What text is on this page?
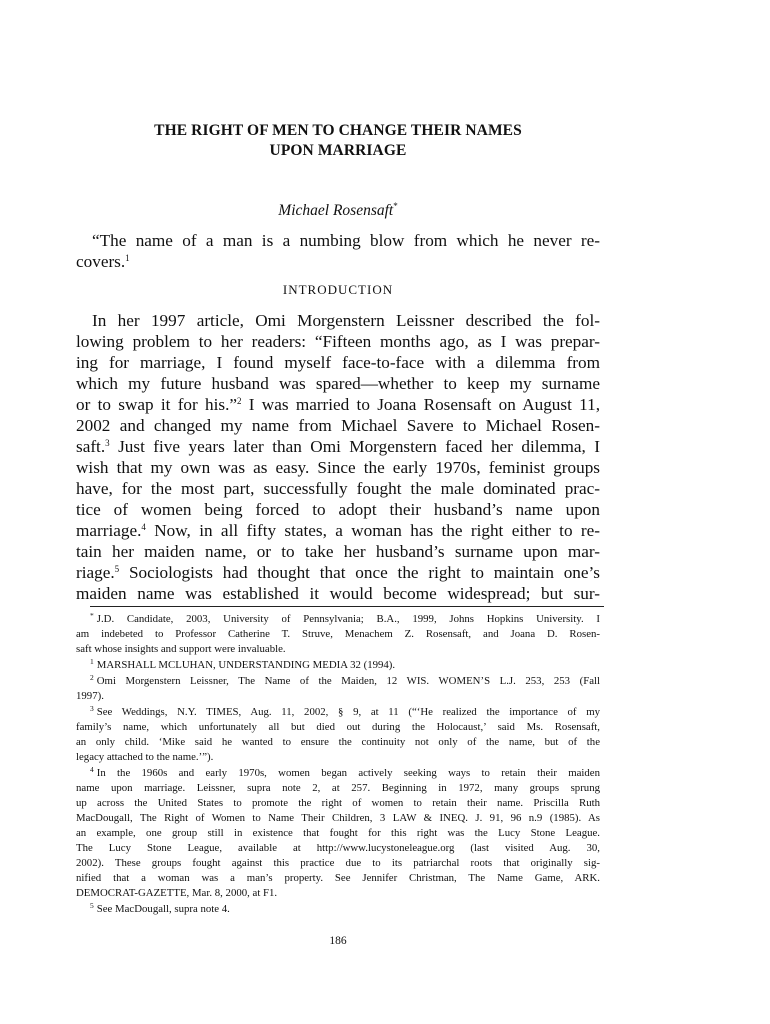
THE RIGHT OF MEN TO CHANGE THEIR NAMES
UPON MARRIAGE
Michael Rosensaft*
“The name of a man is a numbing blow from which he never re-
covers.$^1$
INTRODUCTION
In her 1997 article, Omi Morgenstern Leissner described the fol-
lowing problem to her readers: “Fifteen months ago, as I was prepar-
ing for marriage, I found myself face-to-face with a dilemma from
which my future husband was spared—whether to keep my surname
or to swap it for his.”$^2$ I was married to Joana Rosensaft on August 11,
2002 and changed my name from Michael Savere to Michael Rosen-
saft.$^3$ Just five years later than Omi Morgenstern faced her dilemma, I
wish that my own was as easy. Since the early 1970s, feminist groups
have, for the most part, successfully fought the male dominated prac-
tice of women being forced to adopt their husband’s name upon
marriage.$^4$ Now, in all fifty states, a woman has the right either to re-
tain her maiden name, or to take her husband’s surname upon mar-
riage.$^5$ Sociologists had thought that once the right to maintain one’s
maiden name was established it would become widespread; but sur-
* J.D. Candidate, 2003, University of Pennsylvania; B.A., 1999, Johns Hopkins University. I
am indebeted to Professor Catherine T. Struve, Menachem Z. Rosensaft, and Joana D. Rosen-
saft whose insights and support were invaluable.
$^1$ MARSHALL MCLUHAN, UNDERSTANDING MEDIA 32 (1994).
$^2$ Omi Morgenstern Leissner, The Name of the Maiden, 12 WIS. WOMEN’S L.J. 253, 253 (Fall
1997).
$^3$ See Weddings, N.Y. TIMES, Aug. 11, 2002, § 9, at 11 (“‘He realized the importance of my
family’s name, which unfortunately all but died out during the Holocaust,’ said Ms. Rosensaft,
an only child. ‘Mike said he wanted to ensure the continuity not only of the name, but of the
legacy attached to the name.’”).
$^4$ In the 1960s and early 1970s, women began actively seeking ways to retain their maiden
name upon marriage. Leissner, supra note 2, at 257. Beginning in 1972, many groups sprung
up across the United States to promote the right of women to retain their name. Priscilla Ruth
MacDougall, The Right of Women to Name Their Children, 3 LAW & INEQ. J. 91, 96 n.9 (1985). As
an example, one group still in existence that fought for this right was the Lucy Stone League.
The Lucy Stone League, available at http://www.lucystoneleague.org (last visited Aug. 30,
2002). These groups fought against this practice due to its patriarchal roots that originally sig-
nified that a woman was a man’s property. See Jennifer Christman, The Name Game, ARK.
DEMOCRAT-GAZETTE, Mar. 8, 2000, at F1.
$^5$ See MacDougall, supra note 4.
186
